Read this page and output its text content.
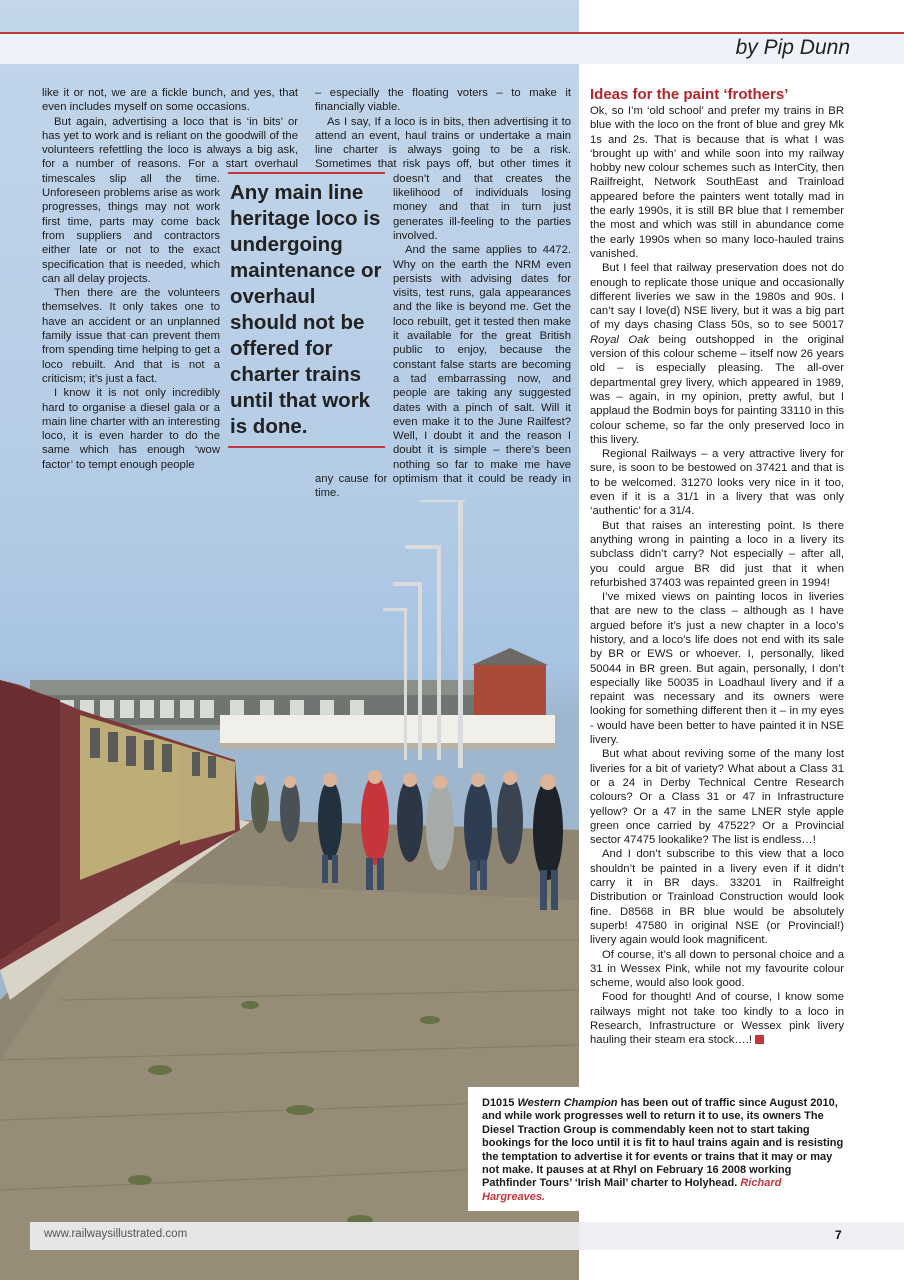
by Pip Dunn

like it or not, we are a fickle bunch, and yes, that even includes myself on some occasions.

But again, advertising a loco that is ‘in bits’ or has yet to work and is reliant on the goodwill of the volunteers refettling the loco is always a big ask, for a number of reasons. For a start overhaul timescales slip all the time. Unforeseen problems arise as work progresses, things may not work first time, parts may come back from suppliers and contractors either late or not to the exact specification that is needed, which can all delay projects.

Then there are the volunteers themselves. It only takes one to have an accident or an unplanned family issue that can prevent them from spending time helping to get a loco rebuilt. And that is not a criticism; it’s just a fact.

I know it is not only incredibly hard to organise a diesel gala or a main line charter with an interesting loco, it is even harder to do the same which has enough ‘wow factor’ to tempt enough people

– especially the floating voters – to make it financially viable.

As I say, If a loco is in bits, then advertising it to attend an event, haul trains or undertake a main line charter is always going to be a risk. Sometimes that risk pays off, but other times it doesn’t and that creates the likelihood of individuals losing money and that in turn just generates ill-feeling to the parties involved.

And the same applies to 4472. Why on the earth the NRM even persists with advising dates for visits, test runs, gala appearances and the like is beyond me. Get the loco rebuilt, get it tested then make it available for the great British public to enjoy, because the constant false starts are becoming a tad embarrassing now, and people are taking any suggested dates with a pinch of salt. Will it even make it to the June Railfest? Well, I doubt it and the reason I doubt it is simple – there’s been nothing so far to make me have any cause for optimism that it could be ready in time.

Any main line heritage loco is undergoing maintenance or overhaul should not be offered for charter trains until that work is done.
Ideas for the paint ‘frothers’

Ok, so I’m ‘old school’ and prefer my trains in BR blue with the loco on the front of blue and grey Mk 1s and 2s. That is because that is what I was ‘brought up with’ and while soon into my railway hobby new colour schemes such as InterCity, then Railfreight, Network SouthEast and Trainload appeared before the painters went totally mad in the early 1990s, it is still BR blue that I remember the most and which was still in abundance come the early 1990s when so many loco-hauled trains vanished.

But I feel that railway preservation does not do enough to replicate those unique and occasionally different liveries we saw in the 1980s and 90s. I can’t say I love(d) NSE livery, but it was a big part of my days chasing Class 50s, so to see 50017 Royal Oak being outshopped in the original version of this colour scheme – itself now 26 years old – is especially pleasing. The all-over departmental grey livery, which appeared in 1989, was – again, in my opinion, pretty awful, but I applaud the Bodmin boys for painting 33110 in this colour scheme, so far the only preserved loco in this livery.

Regional Railways – a very attractive livery for sure, is soon to be bestowed on 37421 and that is to be welcomed. 31270 looks very nice in it too, even if it is a 31/1 in a livery that was only ‘authentic’ for a 31/4.

But that raises an interesting point. Is there anything wrong in painting a loco in a livery its subclass didn’t carry? Not especially – after all, you could argue BR did just that it when refurbished 37403 was repainted green in 1994!

I’ve mixed views on painting locos in liveries that are new to the class – although as I have argued before it’s just a new chapter in a loco’s history, and a loco’s life does not end with its sale by BR or EWS or whoever. I, personally, liked 50044 in BR green. But again, personally, I don’t especially like 50035 in Loadhaul livery and if a repaint was necessary and its owners were looking for something different then it – in my eyes - would have been better to have painted it in NSE livery.

But what about reviving some of the many lost liveries for a bit of variety? What about a Class 31 or a 24 in Derby Technical Centre Research colours? Or a Class 31 or 47 in Infrastructure yellow? Or a 47 in the same LNER style apple green once carried by 47522? Or a Provincial sector 47475 lookalike? The list is endless…!

And I don’t subscribe to this view that a loco shouldn’t be painted in a livery even if it didn’t carry it in BR days. 33201 in Railfreight Distribution or Trainload Construction would look fine. D8568 in BR blue would be absolutely superb! 47580 in original NSE (or Provincial!) livery again would look magnificent.

Of course, it’s all down to personal choice and a 31 in Wessex Pink, while not my favourite colour scheme, would also look good.

Food for thought! And of course, I know some railways might not take too kindly to a loco in Research, Infrastructure or Wessex pink livery hauling their steam era stock….!

D1015 Western Champion has been out of traffic since August 2010, and while work progresses well to return it to use, its owners The Diesel Traction Group is commendably keen not to start taking bookings for the loco until it is fit to haul trains again and is resisting the temptation to advertise it for events or trains that it may or may not make. It pauses at at Rhyl on February 16 2008 working Pathfinder Tours’ ‘Irish Mail’ charter to Holyhead. Richard Hargreaves.
www.railwaysillustrated.com	7
